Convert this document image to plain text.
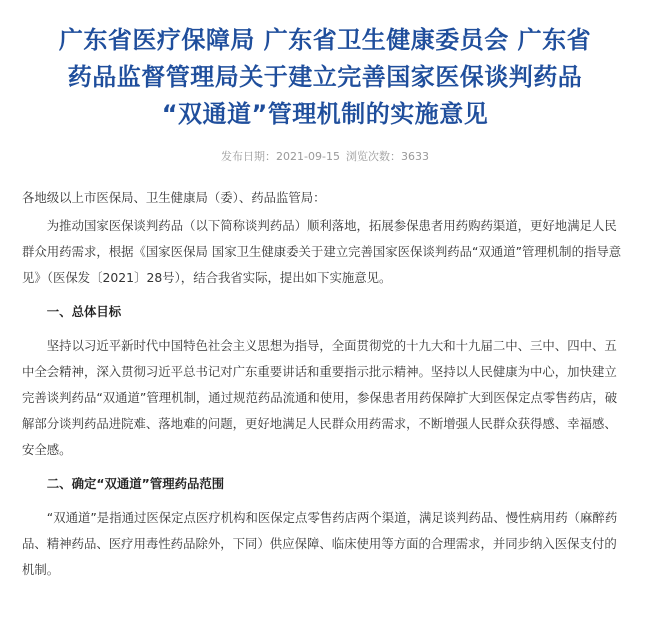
广东省医疗保障局 广东省卫生健康委员会 广东省
药品监督管理局关于建立完善国家医保谈判药品
“双通道”管理机制的实施意见
发布日期：2021-09-15 浏览次数：3633

各地级以上市医保局、卫生健康局（委）、药品监管局：

为推动国家医保谈判药品（以下简称谈判药品）顺利落地，拓展参保患者用药购药渠道，更好地满足人民群众用药需求，根据《国家医保局 国家卫生健康委关于建立完善国家医保谈判药品“双通道”管理机制的指导意见》（医保发〔2021〕28号），结合我省实际，提出如下实施意见。

一、总体目标

坚持以习近平新时代中国特色社会主义思想为指导，全面贯彻党的十九大和十九届二中、三中、四中、五中全会精神，深入贯彻习近平总书记对广东重要讲话和重要指示批示精神。坚持以人民健康为中心，加快建立完善谈判药品“双通道”管理机制，通过规范药品流通和使用，参保患者用药保障扩大到医保定点零售药店，破解部分谈判药品进院难、落地难的问题，更好地满足人民群众用药需求，不断增强人民群众获得感、幸福感、安全感。

二、确定“双通道”管理药品范围

“双通道”是指通过医保定点医疗机构和医保定点零售药店两个渠道，满足谈判药品、慢性病用药（麻醉药品、精神药品、医疗用毒性药品除外，下同）供应保障、临床使用等方面的合理需求，并同步纳入医保支付的机制。
